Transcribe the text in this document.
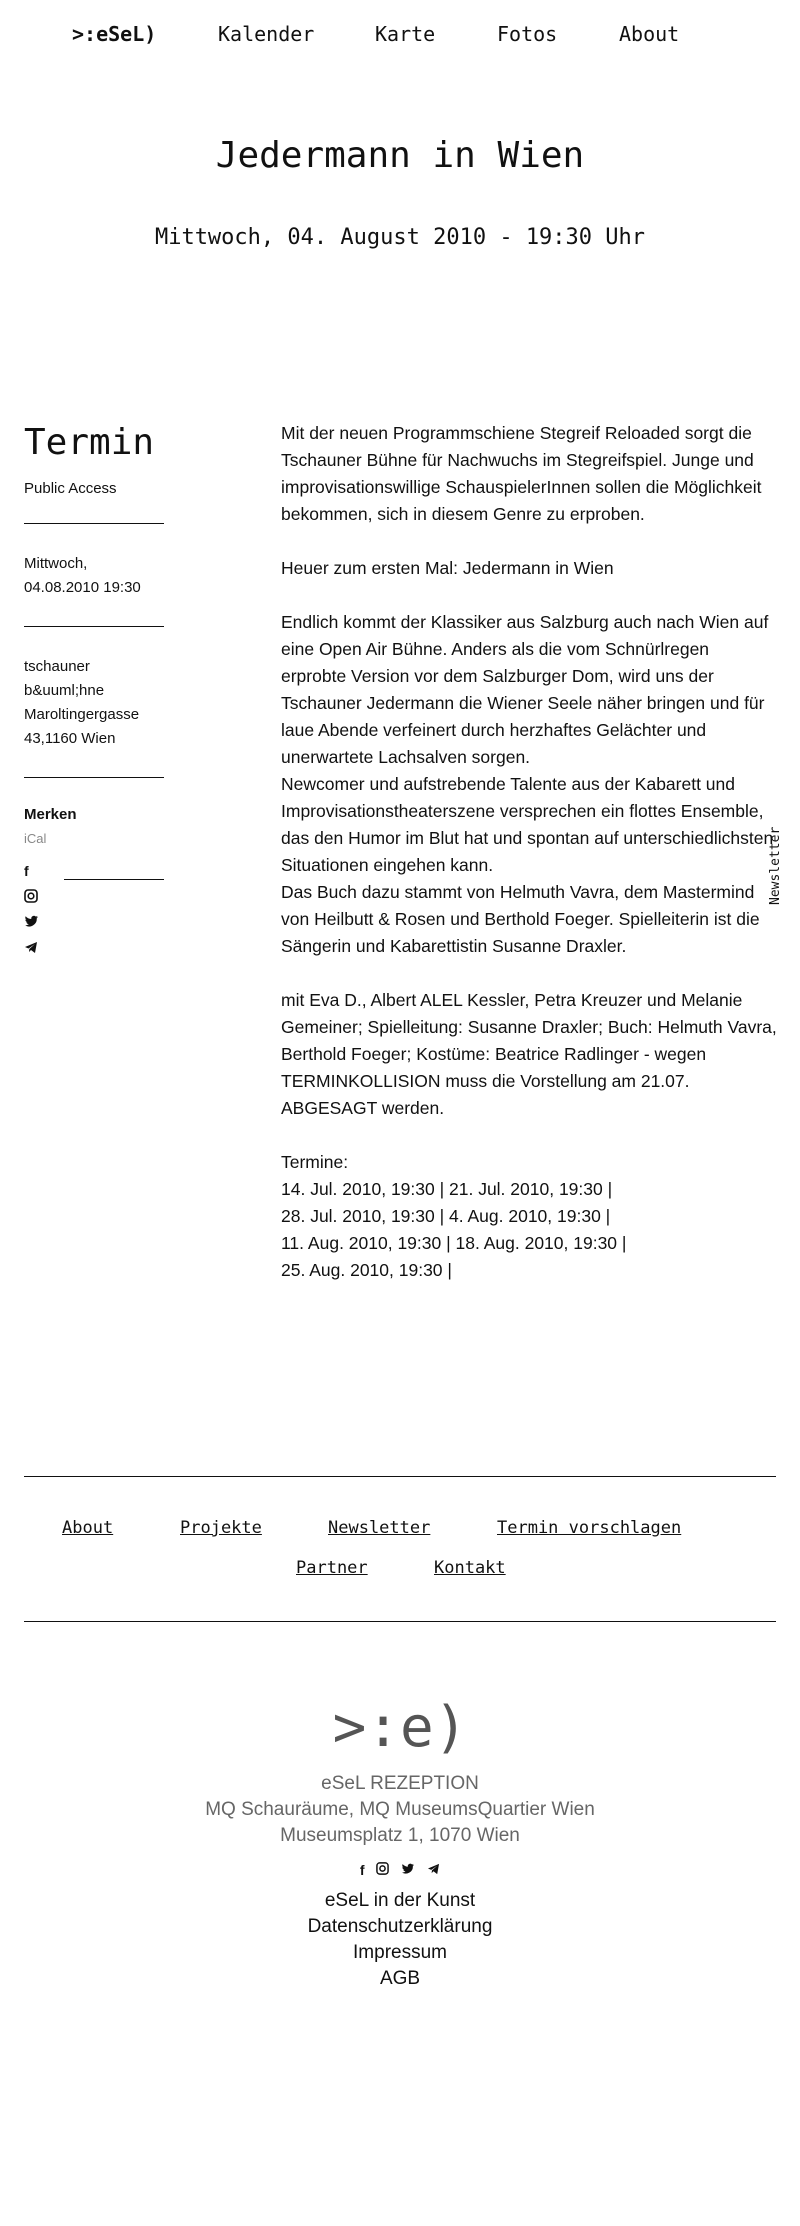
>:eSeL)	Kalender	Karte	Fotos	About
Jedermann in Wien
Mittwoch, 04. August 2010 - 19:30 Uhr
Termin
Public Access
Mittwoch,
04.08.2010 19:30
tschauner
b&uuml;hne
Maroltingergasse
43,1160 Wien
Merken
iCal
f

Mit der neuen Programmschiene Stegreif Reloaded sorgt die Tschauner Bühne für Nachwuchs im Stegreifspiel. Junge und improvisationswillige SchauspielerInnen sollen die Möglichkeit bekommen, sich in diesem Genre zu erproben.

Heuer zum ersten Mal: Jedermann in Wien

Endlich kommt der Klassiker aus Salzburg auch nach Wien auf eine Open Air Bühne. Anders als die vom Schnürlregen erprobte Version vor dem Salzburger Dom, wird uns der Tschauner Jedermann die Wiener Seele näher bringen und für laue Abende verfeinert durch herzhaftes Gelächter und unerwartete Lachsalven sorgen.

Newcomer und aufstrebende Talente aus der Kabarett und Improvisationstheaterszene versprechen ein flottes Ensemble, das den Humor im Blut hat und spontan auf unterschiedlichsten Situationen eingehen kann.

Das Buch dazu stammt von Helmuth Vavra, dem Mastermind von Heilbutt & Rosen und Berthold Foeger. Spielleiterin ist die Sängerin und Kabarettistin Susanne Draxler.

mit Eva D., Albert ALEL Kessler, Petra Kreuzer und Melanie Gemeiner; Spielleitung: Susanne Draxler; Buch: Helmuth Vavra, Berthold Foeger; Kostüme: Beatrice Radlinger - wegen TERMINKOLLISION muss die Vorstellung am 21.07. ABGESAGT werden.

Termine:
14. Jul. 2010, 19:30 | 21. Jul. 2010, 19:30 |
28. Jul. 2010, 19:30 | 4. Aug. 2010, 19:30 |
11. Aug. 2010, 19:30 | 18. Aug. 2010, 19:30 |
25. Aug. 2010, 19:30 |
Newsletter
About	Projekte	Newsletter	Termin vorschlagen
Partner	Kontakt
>:e)
eSeL REZEPTION
MQ Schauräume, MQ MuseumsQuartier Wien
Museumsplatz 1, 1070 Wien
f
eSeL in der Kunst
Datenschutzerklärung
Impressum
AGB
